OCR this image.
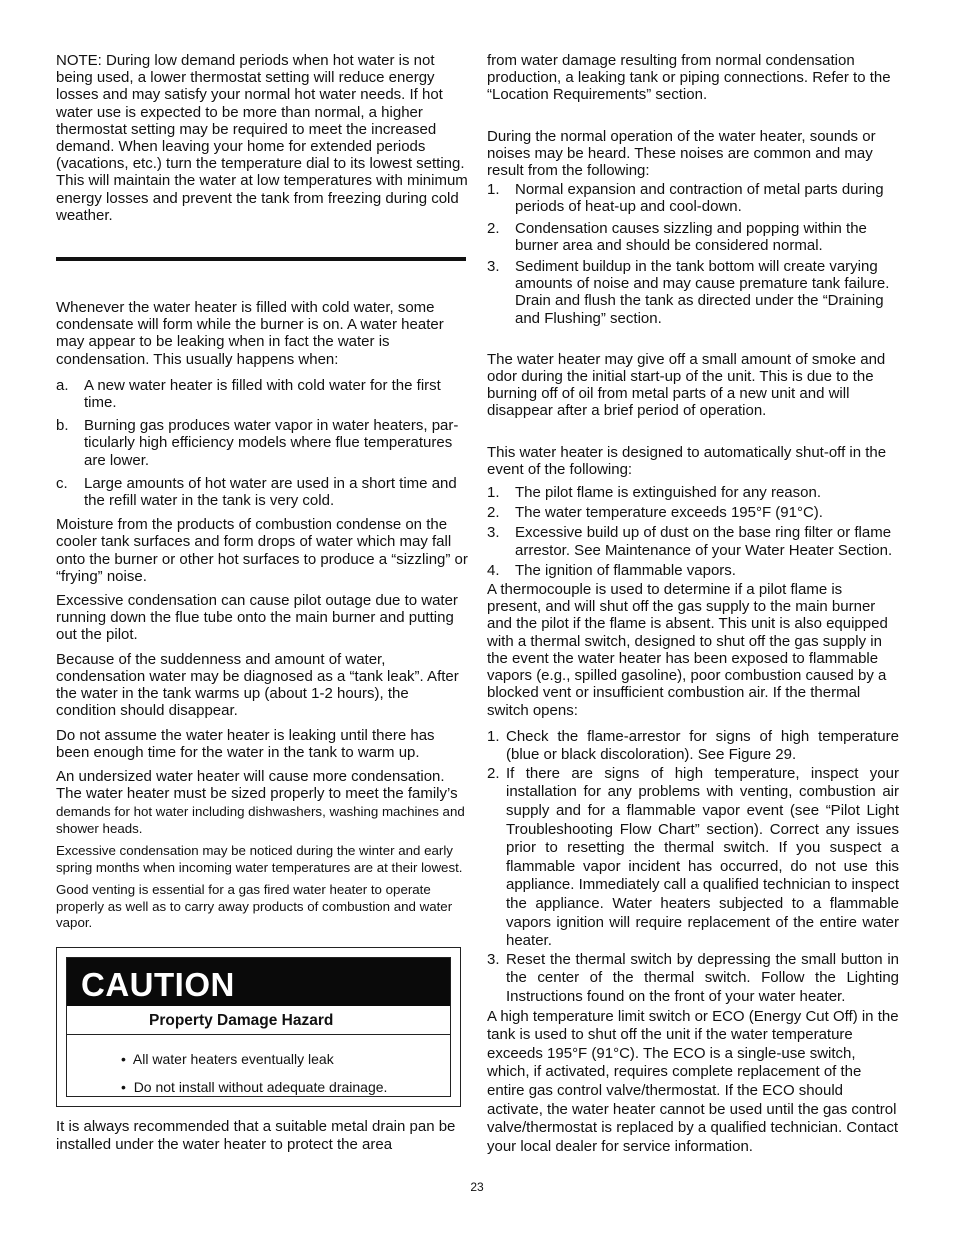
NOTE: During low demand periods when hot water is not being used, a lower thermostat setting will reduce energy losses and may satisfy your normal hot water needs. If hot water use is expected to be more than normal, a higher thermostat setting may be required to meet the increased demand. When leaving your home for extended periods (vacations, etc.) turn the temperature dial to its lowest setting. This will maintain the water at low temperatures with minimum energy losses and prevent the tank from freezing during cold weather.

Whenever the water heater is filled with cold water, some condensate will form while the burner is on. A water heater may appear to be leaking when in fact the water is condensation. This usually happens when:

a.	A new water heater is filled with cold water for the first time.
b.	Burning gas produces water vapor in water heaters, par-ticularly high efficiency models where flue temperatures are lower.
c.	Large amounts of hot water are used in a short time and the refill water in the tank is very cold.

Moisture from the products of combustion condense on the cooler tank surfaces and form drops of water which may fall onto the burner or other hot surfaces to produce a “sizzling” or “frying” noise.

Excessive condensation can cause pilot outage due to water running down the flue tube onto the main burner and putting out the pilot.

Because of the suddenness and amount of water, condensation water may be diagnosed as a “tank leak”. After the water in the tank warms up (about 1-2 hours), the condition should disappear.

Do not assume the water heater is leaking until there has been enough time for the water in the tank to warm up.

An undersized water heater will cause more condensation. The water heater must be sized properly to meet the family’s demands for hot water including dishwashers, washing machines and shower heads.

Excessive condensation may be noticed during the winter and early spring months when incoming water temperatures are at their lowest.

Good venting is essential for a gas fired water heater to operate properly as well as to carry away products of combustion and water vapor.

CAUTION
Property Damage Hazard
• All water heaters eventually leak
• Do not install without adequate drainage.

It is always recommended that a suitable metal drain pan be installed under the water heater to protect the area

from water damage resulting from normal condensation production, a leaking tank or piping connections. Refer to the “Location Requirements” section.

During the normal operation of the water heater, sounds or noises may be heard. These noises are common and may result from the following:

1.	Normal expansion and contraction of metal parts during periods of heat-up and cool-down.
2.	Condensation causes sizzling and popping within the burner area and should be considered normal.
3.	Sediment buildup in the tank bottom will create varying amounts of noise and may cause premature tank failure. Drain and flush the tank as directed under the “Draining and Flushing” section.

The water heater may give off a small amount of smoke and odor during the initial start-up of the unit. This is due to the burning off of oil from metal parts of a new unit and will disappear after a brief period of operation.

This water heater is designed to automatically shut-off in the event of the following:

1.	The pilot flame is extinguished for any reason.
2.	The water temperature exceeds 195°F (91°C).
3.	Excessive build up of dust on the base ring filter or flame arrestor. See Maintenance of your Water Heater Section.
4.	The ignition of flammable vapors.

A thermocouple is used to determine if a pilot flame is present, and will shut off the gas supply to the main burner and the pilot if the flame is absent. This unit is also equipped with a thermal switch, designed to shut off the gas supply in the event the water heater has been exposed to flammable vapors (e.g., spilled gasoline), poor combustion caused by a blocked vent or insufficient combustion air. If the thermal switch opens:

1. Check the flame-arrestor for signs of high temperature (blue or black discoloration). See Figure 29.
2. If there are signs of high temperature, inspect your installation for any problems with venting, combustion air supply and for a flammable vapor event (see “Pilot Light Troubleshooting Flow Chart” section). Correct any issues prior to resetting the thermal switch. If you suspect a flammable vapor incident has occurred, do not use this appliance. Immediately call a qualified technician to inspect the appliance. Water heaters subjected to a flammable vapors ignition will require replacement of the entire water heater.
3. Reset the thermal switch by depressing the small button in the center of the thermal switch. Follow the Lighting Instructions found on the front of your water heater.

A high temperature limit switch or ECO (Energy Cut Off) in the tank is used to shut off the unit if the water temperature exceeds 195°F (91°C). The ECO is a single-use switch, which, if activated, requires complete replacement of the entire gas control valve/thermostat. If the ECO should activate, the water heater cannot be used until the gas control valve/thermostat is replaced by a qualified technician. Contact your local dealer for service information.

23
